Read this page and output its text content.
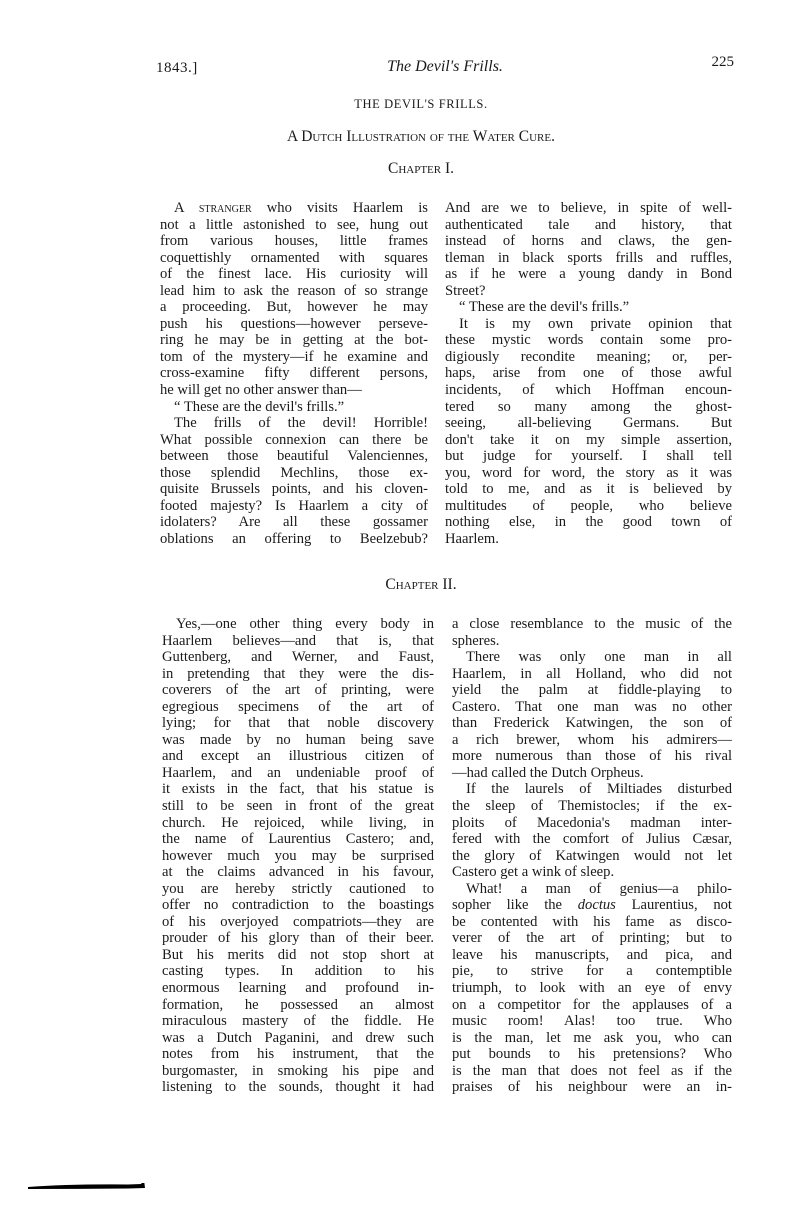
1843.]	The Devil's Frills.	225
THE DEVIL'S FRILLS.
A Dutch Illustration of the Water Cure.
Chapter I.
A stranger who visits Haarlem is
not a little astonished to see, hung out
from various houses, little frames
coquettishly ornamented with squares
of the finest lace. His curiosity will
lead him to ask the reason of so strange
a proceeding. But, however he may
push his questions—however perseve-
ring he may be in getting at the bot-
tom of the mystery—if he examine and
cross-examine fifty different persons,
he will get no other answer than—
“ These are the devil's frills.”
The frills of the devil! Horrible!
What possible connexion can there be
between those beautiful Valenciennes,
those splendid Mechlins, those ex-
quisite Brussels points, and his cloven-
footed majesty? Is Haarlem a city of
idolaters? Are all these gossamer
oblations an offering to Beelzebub?
And are we to believe, in spite of well-
authenticated tale and history, that
instead of horns and claws, the gen-
tleman in black sports frills and ruffles,
as if he were a young dandy in Bond
Street?
“ These are the devil's frills.”
It is my own private opinion that
these mystic words contain some pro-
digiously recondite meaning; or, per-
haps, arise from one of those awful
incidents, of which Hoffman encoun-
tered so many among the ghost-
seeing, all-believing Germans. But
don't take it on my simple assertion,
but judge for yourself. I shall tell
you, word for word, the story as it was
told to me, and as it is believed by
multitudes of people, who believe
nothing else, in the good town of
Haarlem.
Chapter II.
Yes,—one other thing every body in
Haarlem believes—and that is, that
Guttenberg, and Werner, and Faust,
in pretending that they were the dis-
coverers of the art of printing, were
egregious specimens of the art of
lying; for that that noble discovery
was made by no human being save
and except an illustrious citizen of
Haarlem, and an undeniable proof of
it exists in the fact, that his statue is
still to be seen in front of the great
church. He rejoiced, while living, in
the name of Laurentius Castero; and,
however much you may be surprised
at the claims advanced in his favour,
you are hereby strictly cautioned to
offer no contradiction to the boastings
of his overjoyed compatriots—they are
prouder of his glory than of their beer.
But his merits did not stop short at
casting types. In addition to his
enormous learning and profound in-
formation, he possessed an almost
miraculous mastery of the fiddle. He
was a Dutch Paganini, and drew such
notes from his instrument, that the
burgomaster, in smoking his pipe and
listening to the sounds, thought it had
a close resemblance to the music of the
spheres.
There was only one man in all
Haarlem, in all Holland, who did not
yield the palm at fiddle-playing to
Castero. That one man was no other
than Frederick Katwingen, the son of
a rich brewer, whom his admirers—
more numerous than those of his rival
—had called the Dutch Orpheus.
If the laurels of Miltiades disturbed
the sleep of Themistocles; if the ex-
ploits of Macedonia's madman inter-
fered with the comfort of Julius Cæsar,
the glory of Katwingen would not let
Castero get a wink of sleep.
What! a man of genius—a philo-
sopher like the doctus Laurentius, not
be contented with his fame as disco-
verer of the art of printing; but to
leave his manuscripts, and pica, and
pie, to strive for a contemptible
triumph, to look with an eye of envy
on a competitor for the applauses of a
music room! Alas! too true. Who
is the man, let me ask you, who can
put bounds to his pretensions? Who
is the man that does not feel as if the
praises of his neighbour were an in-
